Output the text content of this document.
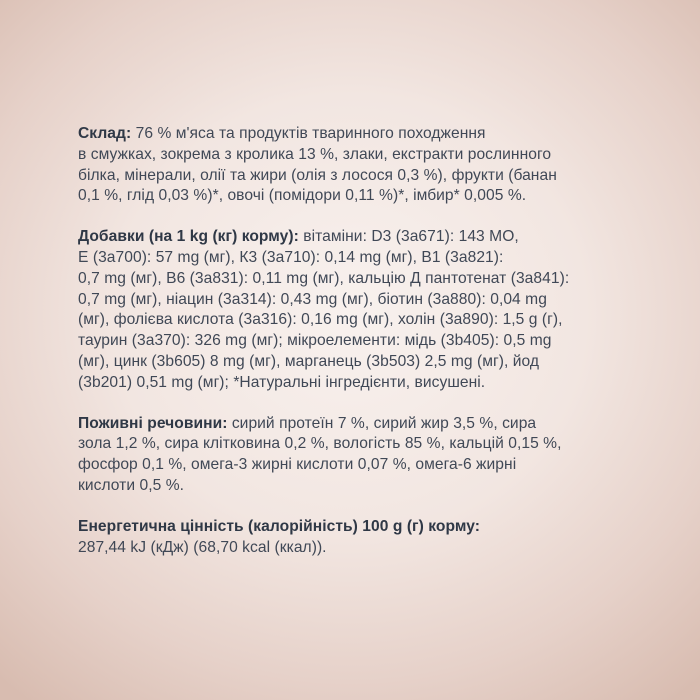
Склад: 76 % м'яса та продуктів тваринного походження
в смужках, зокрема з кролика 13 %, злаки, екстракти рослинного
білка, мінерали, олії та жири (олія з лосося 0,3 %), фрукти (банан
0,1 %, глід 0,03 %)*, овочі (помідори 0,11 %)*, імбир* 0,005 %.

Добавки (на 1 kg (кг) корму): вітаміни: D3 (3a671): 143 МО,
E (3a700): 57 mg (мг), К3 (3a710): 0,14 mg (мг), B1 (3a821):
0,7 mg (мг), B6 (3a831): 0,11 mg (мг), кальцію Д пантотенат (3a841):
0,7 mg (мг), ніацин (3a314): 0,43 mg (мг), біотин (3a880): 0,04 mg
(мг), фолієва кислота (3a316): 0,16 mg (мг), холін (3a890): 1,5 g (г),
таурин (3a370): 326 mg (мг); мікроелементи: мідь (3b405): 0,5 mg
(мг), цинк (3b605) 8 mg (мг), марганець (3b503) 2,5 mg (мг), йод
(3b201) 0,51 mg (мг); *Натуральні інгредієнти, висушені.

Поживні речовини: сирий протеїн 7 %, сирий жир 3,5 %, сира
зола 1,2 %, сира клітковина 0,2 %, вологість 85 %, кальцій 0,15 %,
фосфор 0,1 %, омега-3 жирні кислоти 0,07 %, омега-6 жирні
кислоти 0,5 %.

Енергетична цінність (калорійність) 100 g (г) корму:
287,44 kJ (кДж) (68,70 kcal (ккал)).
